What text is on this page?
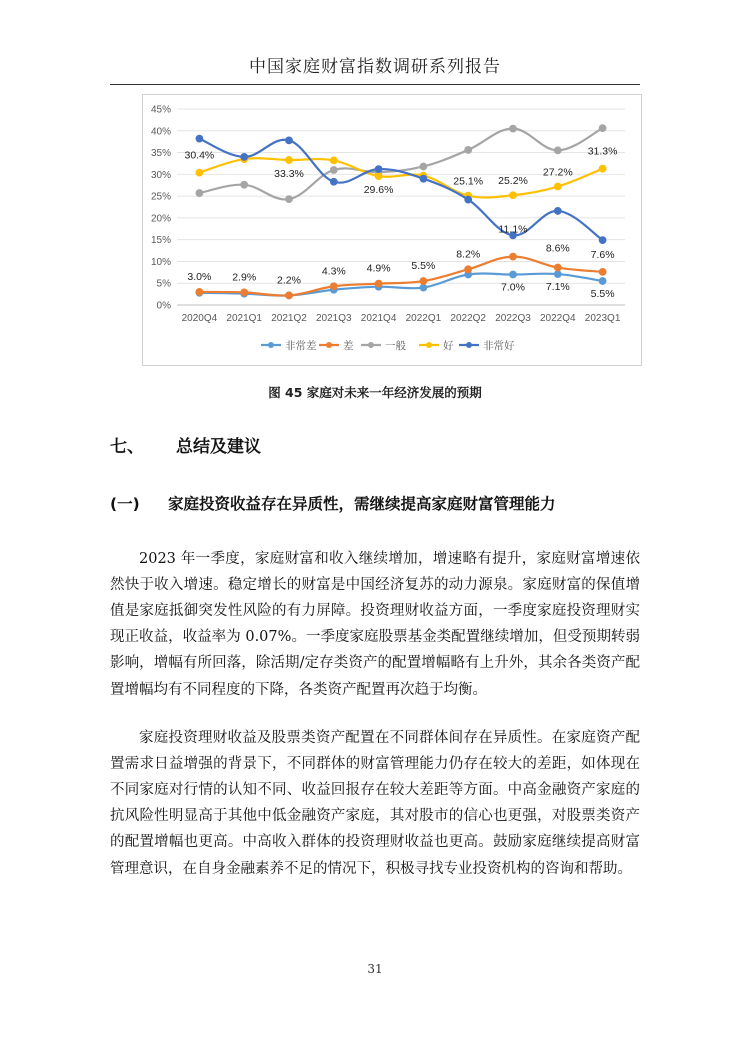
中国家庭财富指数调研系列报告
0%
5%
10%
15%
20%
25%
30%
35%
40%
45%
2020Q4 2021Q1 2021Q2 2021Q3 2021Q4 2022Q1 2022Q2 2022Q3 2022Q4 2023Q1
3.0% 2.9% 2.2%
4.3% 4.9% 5.5%
8.2%
11.1%
8.6%
7.6%
30.4%
33.3%
29.6%
25.1% 25.2%
27.2%
31.3%
7.0% 7.1%
5.5%
非常差	差	一般	好	非常好
图 45 家庭对未来一年经济发展的预期
七、 总结及建议
(一) 家庭投资收益存在异质性，需继续提高家庭财富管理能力

2023 年一季度，家庭财富和收入继续增加，增速略有提升，家庭财富增速依然快于收入增速。稳定增长的财富是中国经济复苏的动力源泉。家庭财富的保值增值是家庭抵御突发性风险的有力屏障。投资理财收益方面，一季度家庭投资理财实现正收益，收益率为 0.07%。一季度家庭股票基金类配置继续增加，但受预期转弱影响，增幅有所回落，除活期/定存类资产的配置增幅略有上升外，其余各类资产配置增幅均有不同程度的下降，各类资产配置再次趋于均衡。

家庭投资理财收益及股票类资产配置在不同群体间存在异质性。在家庭资产配置需求日益增强的背景下，不同群体的财富管理能力仍存在较大的差距，如体现在不同家庭对行情的认知不同、收益回报存在较大差距等方面。中高金融资产家庭的抗风险性明显高于其他中低金融资产家庭，其对股市的信心也更强，对股票类资产的配置增幅也更高。中高收入群体的投资理财收益也更高。鼓励家庭继续提高财富管理意识，在自身金融素养不足的情况下，积极寻找专业投资机构的咨询和帮助。

31
